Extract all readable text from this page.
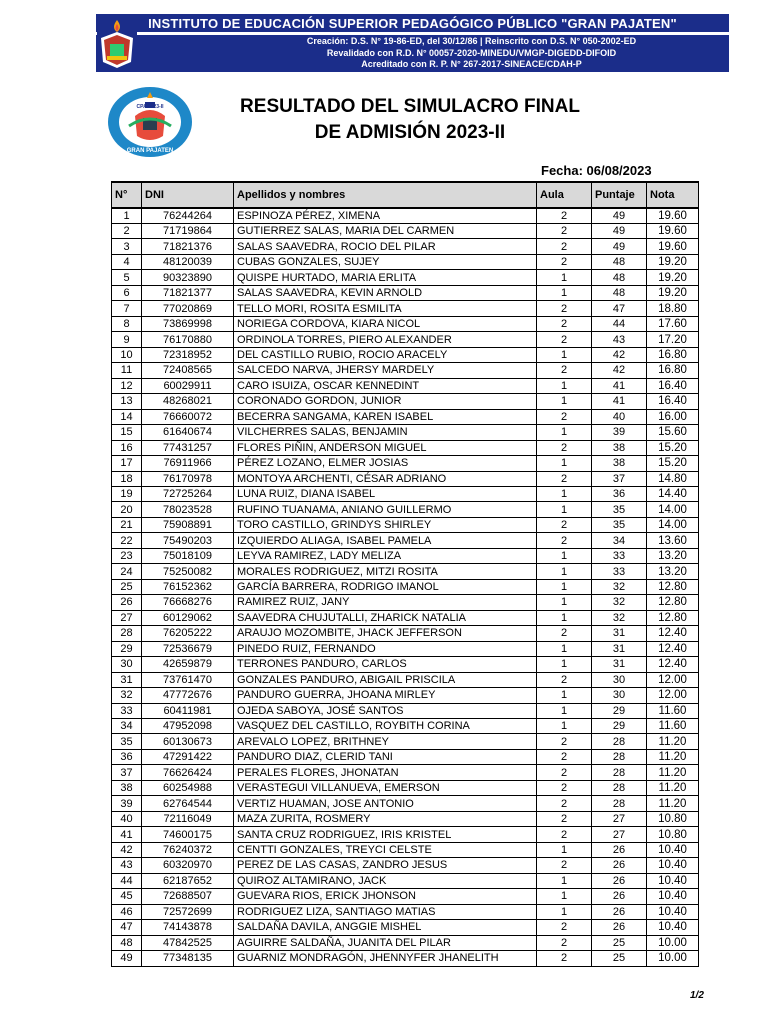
INSTITUTO DE EDUCACIÓN SUPERIOR PEDAGÓGICO PÚBLICO "GRAN PAJATEN"
Creación: D.S. N° 19-86-ED, del 30/12/86 | Reinscrito con D.S. N° 050-2002-ED
Revalidado con R.D. N° 00057-2020-MINEDU/VMGP-DIGEDD-DIFOID
Acreditado con R. P. N° 267-2017-SINEACE/CDAH-P
CPA 2023-II
GRAN PAJATEN
RESULTADO DEL SIMULACRO FINAL
DE ADMISIÓN 2023-II
Fecha: 06/08/2023
N°	DNI	Apellidos y nombres	Aula	Puntaje	Nota
1	76244264	ESPINOZA PÉREZ, XIMENA	2	49	19.60
2	71719864	GUTIERREZ SALAS, MARIA DEL CARMEN	2	49	19.60
3	71821376	SALAS SAAVEDRA, ROCIO DEL PILAR	2	49	19.60
4	48120039	CUBAS GONZALES, SUJEY	2	48	19.20
5	90323890	QUISPE HURTADO, MARIA ERLITA	1	48	19.20
6	71821377	SALAS SAAVEDRA, KEVIN ARNOLD	1	48	19.20
7	77020869	TELLO MORI, ROSITA ESMILITA	2	47	18.80
8	73869998	NORIEGA CORDOVA, KIARA NICOL	2	44	17.60
9	76170880	ORDINOLA TORRES, PIERO ALEXANDER	2	43	17.20
10	72318952	DEL CASTILLO RUBIO, ROCIO ARACELY	1	42	16.80
11	72408565	SALCEDO NARVA, JHERSY MARDELY	2	42	16.80
12	60029911	CARO ISUIZA, OSCAR KENNEDINT	1	41	16.40
13	48268021	CORONADO GORDON, JUNIOR	1	41	16.40
14	76660072	BECERRA SANGAMA, KAREN ISABEL	2	40	16.00
15	61640674	VILCHERRES SALAS, BENJAMIN	1	39	15.60
16	77431257	FLORES PIÑIN, ANDERSON MIGUEL	2	38	15.20
17	76911966	PÉREZ LOZANO, ELMER JOSIAS	1	38	15.20
18	76170978	MONTOYA ARCHENTI, CÉSAR ADRIANO	2	37	14.80
19	72725264	LUNA RUIZ, DIANA ISABEL	1	36	14.40
20	78023528	RUFINO TUANAMA, ANIANO GUILLERMO	1	35	14.00
21	75908891	TORO CASTILLO, GRINDYS SHIRLEY	2	35	14.00
22	75490203	IZQUIERDO ALIAGA, ISABEL PAMELA	2	34	13.60
23	75018109	LEYVA RAMIREZ, LADY MELIZA	1	33	13.20
24	75250082	MORALES RODRIGUEZ, MITZI ROSITA	1	33	13.20
25	76152362	GARCÍA BARRERA, RODRIGO IMANOL	1	32	12.80
26	76668276	RAMIREZ RUIZ, JANY	1	32	12.80
27	60129062	SAAVEDRA CHUJUTALLI, ZHARICK NATALIA	1	32	12.80
28	76205222	ARAUJO MOZOMBITE, JHACK JEFFERSON	2	31	12.40
29	72536679	PINEDO RUIZ, FERNANDO	1	31	12.40
30	42659879	TERRONES PANDURO, CARLOS	1	31	12.40
31	73761470	GONZALES PANDURO, ABIGAIL PRISCILA	2	30	12.00
32	47772676	PANDURO GUERRA, JHOANA MIRLEY	1	30	12.00
33	60411981	OJEDA SABOYA, JOSÉ SANTOS	1	29	11.60
34	47952098	VASQUEZ DEL CASTILLO, ROYBITH CORINA	1	29	11.60
35	60130673	AREVALO LOPEZ, BRITHNEY	2	28	11.20
36	47291422	PANDURO DIAZ, CLERID TANI	2	28	11.20
37	76626424	PERALES FLORES, JHONATAN	2	28	11.20
38	60254988	VERASTEGUI VILLANUEVA, EMERSON	2	28	11.20
39	62764544	VERTIZ HUAMAN, JOSE ANTONIO	2	28	11.20
40	72116049	MAZA ZURITA, ROSMERY	2	27	10.80
41	74600175	SANTA CRUZ RODRIGUEZ, IRIS KRISTEL	2	27	10.80
42	76240372	CENTTI GONZALES, TREYCI CELSTE	1	26	10.40
43	60320970	PEREZ DE LAS CASAS, ZANDRO JESUS	2	26	10.40
44	62187652	QUIROZ ALTAMIRANO, JACK	1	26	10.40
45	72688507	GUEVARA RIOS, ERICK JHONSON	1	26	10.40
46	72572699	RODRIGUEZ LIZA, SANTIAGO MATIAS	1	26	10.40
47	74143878	SALDAÑA DAVILA, ANGGIE MISHEL	2	26	10.40
48	47842525	AGUIRRE SALDAÑA, JUANITA DEL PILAR	2	25	10.00
49	77348135	GUARNIZ MONDRAGÓN, JHENNYFER JHANELITH	2	25	10.00
1/2
